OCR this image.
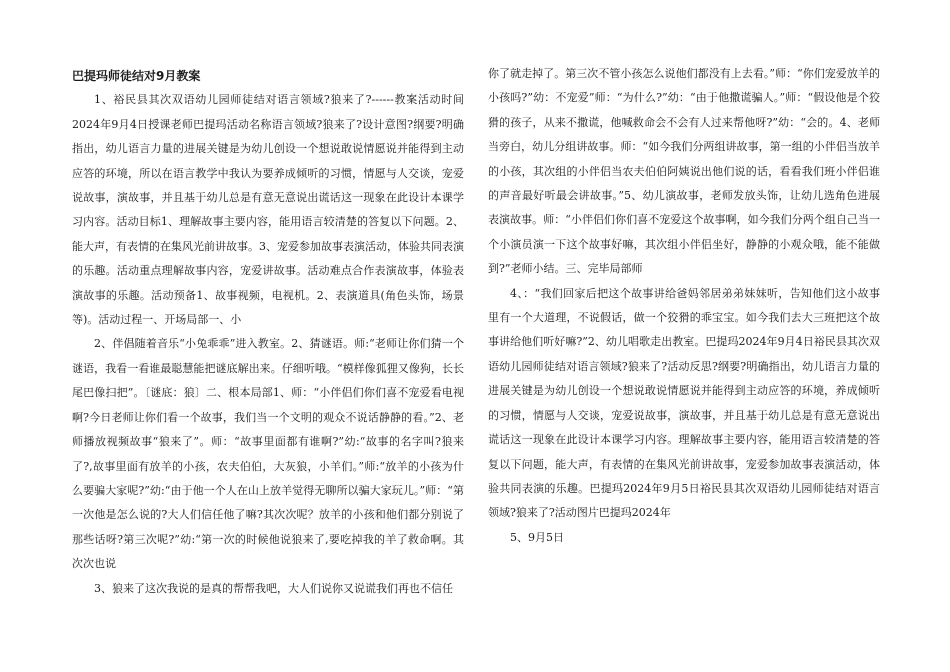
巴提玛师徒结对9月教案

1、裕民县其次双语幼儿园师徒结对语言领域?狼来了?------教案活动时间2024年9月4日授课老师巴提玛活动名称语言领域?狼来了?设计意图?纲要?明确指出，幼儿语言力量的进展关键是为幼儿创设一个想说敢说情愿说并能得到主动应答的环境，所以在语言教学中我认为要养成倾听的习惯，情愿与人交谈，宠爱说故事，演故事，并且基于幼儿总是有意无意说出谎话这一现象在此设计本课学习内容。活动目标1、理解故事主要内容，能用语言较清楚的答复以下问题。2、能大声，有表情的在集风光前讲故事。3、宠爱参加故事表演活动，体验共同表演的乐趣。活动重点理解故事内容，宠爱讲故事。活动难点合作表演故事，体验表演故事的乐趣。活动预备1、故事视频，电视机。2、表演道具(角色头饰，场景等)。活动过程一、开场局部一、小

2、伴倡随着音乐“小兔乖乖”进入教室。2、猜谜语。师:“老师让你们猜一个谜语，我看一看谁最聪慧能把谜底解出来。仔细听哦。“模样像狐狸又像狗，长长尾巴像扫把”。〔谜底：狼〕二、根本局部1、师：“小伴侣们你们喜不宠爱看电视啊?今日老师让你们看一个故事，我们当一个文明的观众不说话静静的看。”2、老师播放视频故事“狼来了”。师：“故事里面都有谁啊?”幼:“故事的名字叫?狼来了?,故事里面有放羊的小孩，农夫伯伯，大灰狼，小羊们。”师:“放羊的小孩为什么要骗大家呢?”幼:“由于他一个人在山上放羊觉得无聊所以骗大家玩儿。”师：“第一次他是怎么说的?大人们信任他了嘛?其次次呢？放羊的小孩和他们都分别说了那些话呀?第三次呢?”幼:“第一次的时候他说狼来了,要吃掉我的羊了救命啊。其次次也说

3、狼来了这次我说的是真的帮帮我吧，大人们说你又说谎我们再也不信任

你了就走掉了。第三次不管小孩怎么说他们都没有上去看。”师：“你们宠爱放羊的小孩吗?”幼：不宠爱”师：“为什么?”幼：“由于他撒谎骗人。”师：“假设他是个狡猾的孩子，从来不撒谎，他喊救命会不会有人过来帮他呀?”幼：“会的。4、老师当旁白，幼儿分组讲故事。师：“如今我们分两组讲故事，第一组的小伴侣当放羊的小孩，其次组的小伴侣当农夫伯伯阿姨说出他们说的话，看看我们班小伴侣谁的声音最好听最会讲故事。”5、幼儿演故事，老师发放头饰，让幼儿选角色进展表演故事。师：“小伴侣们你们喜不宠爱这个故事啊，如今我们分两个组自己当一个小演员演一下这个故事好嘛，其次组小伴侣坐好，静静的小观众哦，能不能做到?”老师小结。三、完毕局部师

4、：“我们回家后把这个故事讲给爸妈邻居弟弟妹妹听，告知他们这小故事里有一个大道理，不说假话，做一个狡猾的乖宝宝。如今我们去大三班把这个故事讲给他们听好嘛?”2、幼儿唱歌走出教室。巴提玛2024年9月4日裕民县其次双语幼儿园师徒结对语言领域?狼来了?活动反思?纲要?明确指出，幼儿语言力量的进展关键是为幼儿创设一个想说敢说情愿说并能得到主动应答的环境，养成倾听的习惯，情愿与人交谈，宠爱说故事，演故事，并且基于幼儿总是有意无意说出谎话这一现象在此设计本课学习内容。理解故事主要内容，能用语言较清楚的答复以下问题，能大声，有表情的在集风光前讲故事，宠爱参加故事表演活动，体验共同表演的乐趣。巴提玛2024年9月5日裕民县其次双语幼儿园师徒结对语言领域?狼来了?活动图片巴提玛2024年

5、9月5日
